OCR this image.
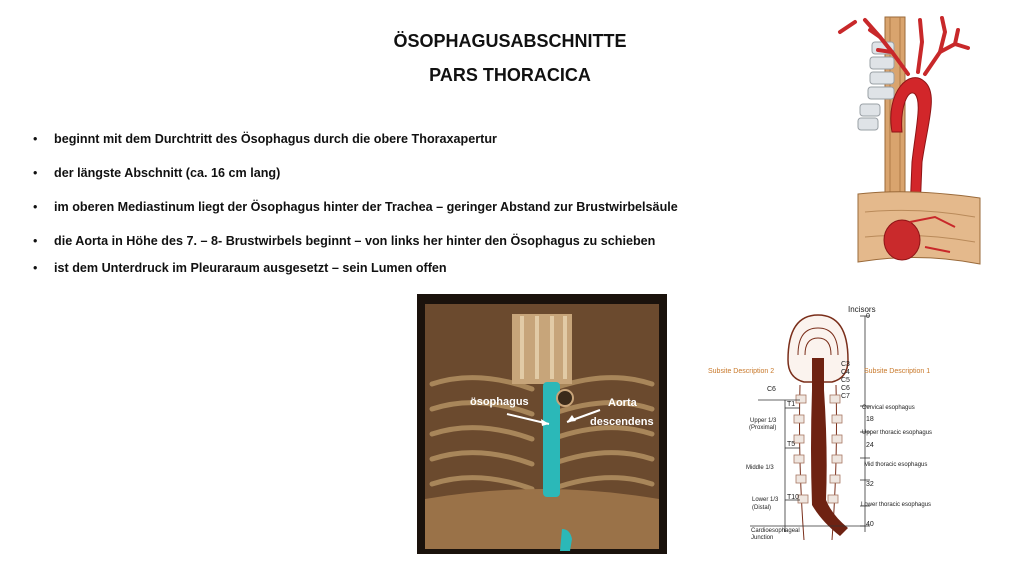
ÖSOPHAGUSABSCHNITTE
PARS THORACICA
• beginnt mit dem Durchtritt des Ösophagus durch die obere Thoraxapertur
• der längste Abschnitt (ca. 16 cm lang)
• im oberen Mediastinum liegt der Ösophagus hinter der Trachea – geringer Abstand zur Brustwirbelsäule
• die Aorta in Höhe des 7. – 8- Brustwirbels beginnt – von links her hinter den Ösophagus zu schieben
• ist dem Unterdruck im Pleuraraum ausgesetzt – sein Lumen offen
ösophagus	Aorta
descendens
Incisors
0
Subsite Description 2	Subsite Description 1
C3
C4
C5
C6
C7
C6
T1
T5
T10
Upper 1/3
(Proximal)
Middle 1/3
Lower 1/3
(Distal)
Cardioesophageal
Junction
Cervical esophagus
Upper thoracic esophagus
Mid thoracic esophagus
Lower thoracic esophagus
18
24
32
40
